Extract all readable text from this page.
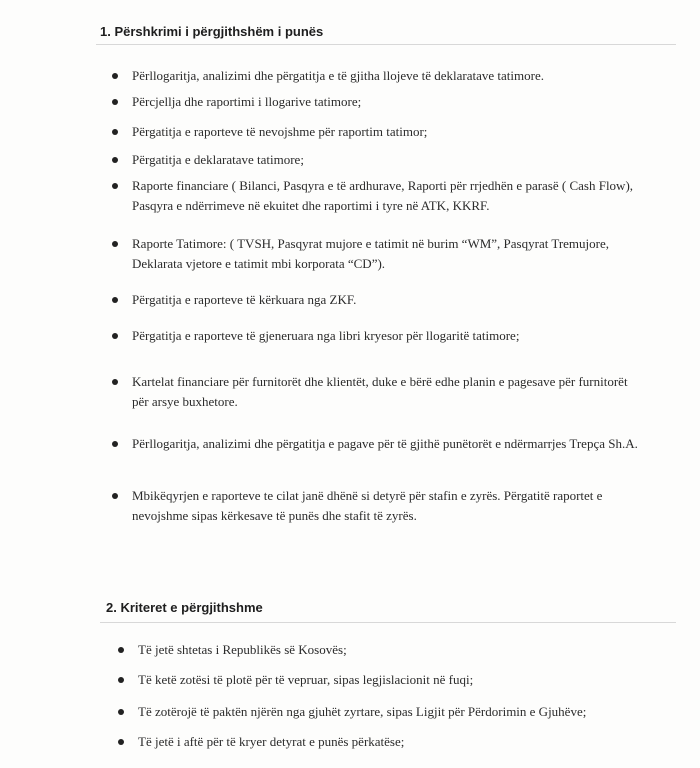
1. Përshkrimi i përgjithshëm i punës
Përllogaritja, analizimi dhe përgatitja e të gjitha llojeve të deklaratave tatimore.
Përcjellja dhe raportimi i llogarive tatimore;
Përgatitja e raporteve të nevojshme për raportim tatimor;
Përgatitja e deklaratave tatimore;
Raporte financiare ( Bilanci, Pasqyra e të ardhurave, Raporti për rrjedhën e parasë ( Cash Flow), Pasqyra e ndërrimeve në ekuitet dhe raportimi i tyre në ATK, KKRF.
Raporte Tatimore: ( TVSH, Pasqyrat mujore e tatimit në burim “WM”, Pasqyrat Tremujore, Deklarata vjetore e tatimit mbi korporata “CD”).
Përgatitja e raporteve të kërkuara nga ZKF.
Përgatitja e raporteve të gjeneruara nga libri kryesor për llogaritë tatimore;
Kartelat financiare për furnitorët dhe klientët, duke e bërë edhe planin e pagesave për furnitorët për arsye buxhetore.
Përllogaritja, analizimi dhe përgatitja e pagave për të gjithë punëtorët e ndërmarrjes Trepça Sh.A.
Mbikëqyrjen e raporteve te cilat janë dhënë si detyrë për stafin e zyrës. Përgatitë raportet e nevojshme sipas kërkesave të punës dhe stafit të zyrës.
2. Kriteret e përgjithshme
Të jetë shtetas i Republikës së Kosovës;
Të ketë zotësi të plotë për të vepruar, sipas legjislacionit në fuqi;
Të zotërojë të paktën njërën nga gjuhët zyrtare, sipas Ligjit për Përdorimin e Gjuhëve;
Të jetë i aftë për të kryer detyrat e punës përkatëse;
